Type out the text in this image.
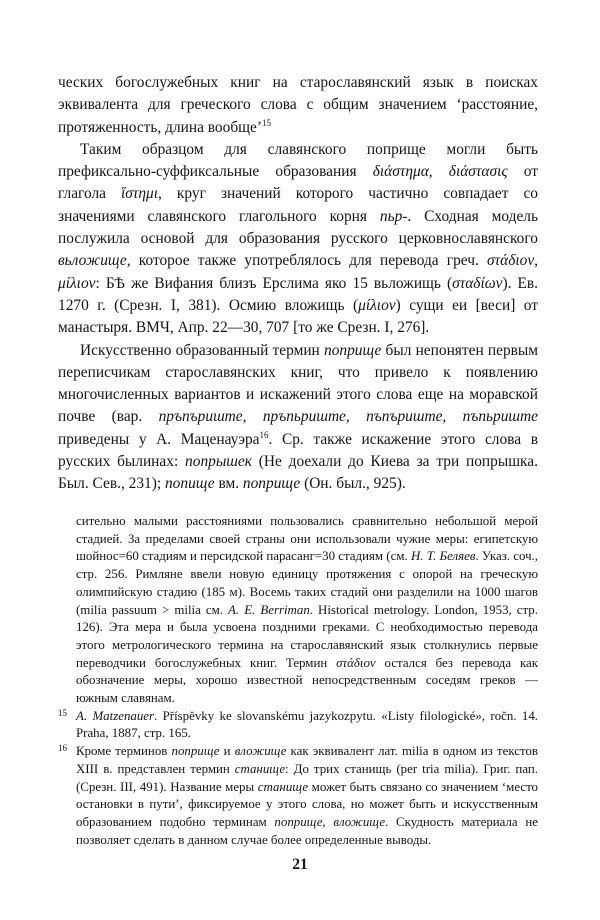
ческих богослужебных книг на старославянский язык в поисках эквивалента для греческого слова с общим значением ‘расстояние, протяженность, длина вообще’$^{15}$

Таким образцом для славянского поприще могли быть префиксально-суффиксальные образования διάστημα, διάστασις от глагола ἵστημι, круг значений которого частично совпадает со значениями славянского глагольного корня пьр-. Сходная модель послужила основой для образования русского церковнославянского вьложище, которое также употреблялось для перевода греч. στάδιον, μίλιον: БѢ же Вифания близъ Ерслима яко 15 вьложищь (σταδίων). Ев. 1270 г. (Срезн. I, 381). Осмию вложищь (μίλιον) сущи еи [веси] от манастыря. ВМЧ, Апр. 22—30, 707 [то же Срезн. I, 276].

Искусственно образованный термин поприще был непонятен первым переписчикам старославянских книг, что привело к появлению многочисленных вариантов и искажений этого слова еще на моравской почве (вар. пръпъришmе, пръпьришmе, пъпъришmе, пъпьришmе приведены у А. Маценауэра$^{16}$. Ср. также искажение этого слова в русских былинах: попрышек (Не доехали до Киева за три попрышка. Был. Сев., 231); попище вм. поприще (Он. был., 925).

сительно малыми расстояниями пользовались сравнительно небольшой мерой стадией. За пределами своей страны они использовали чужие меры: египетскую шойнос=60 стадиям и персидской парасанг=30 стадиям (см. Н. Т. Беляев. Указ. соч., стр. 256. Римляне ввели новую единицу протяжения с опорой на греческую олимпийскую стадию (185 м). Восемь таких стадий они разделили на 1000 шагов (milia passuum > milia см. A. E. Berriman. Historical metrology. London, 1953, стр. 126). Эта мера и была усвоена поздними греками. С необходимостью перевода этого метрологического термина на старославянский язык столкнулись первые переводчики богослужебных книг. Термин στάδιον остался без перевода как обозначение меры, хорошо известной непосредственным соседям греков — южным славянам.

15 A. Matzenauer. Příspěvky ke slovanskému jazykozpytu. «Listy filologické», ročn. 14. Praha, 1887, стр. 165.

16 Кроме терминов поприще и вложище как эквивалент лат. milia в одном из текстов XIII в. представлен термин станище: До трих станищь (per tria milia). Григ. пап. (Срезн. III, 491). Название меры станище может быть связано со значением ‘место остановки в пути’, фиксируемое у этого слова, но может быть и искусственным образованием подобно терминам поприще, вложище. Скудность материала не позволяет сделать в данном случае более определенные выводы.

21
